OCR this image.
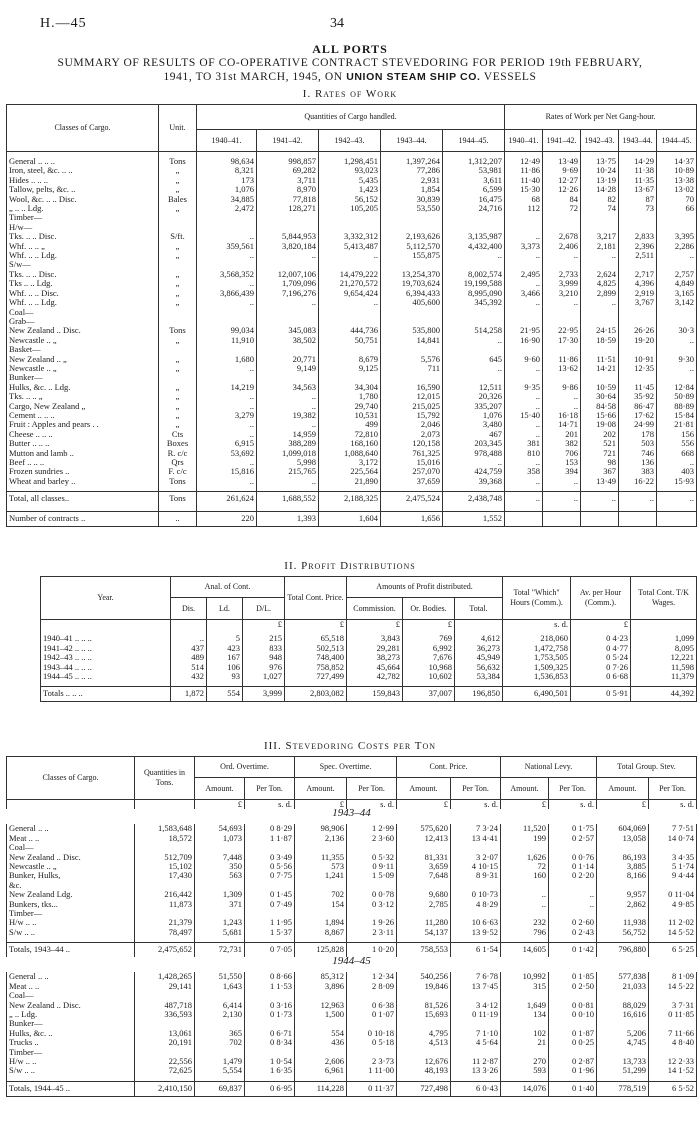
H.—45	34
ALL PORTS
SUMMARY OF RESULTS OF CO-OPERATIVE CONTRACT STEVEDORING FOR PERIOD 19th FEBRUARY,
1941, TO 31st MARCH, 1945, ON UNION STEAM SHIP CO. VESSELS
I. Rates of Work
Classes of Cargo.	Unit.	Quantities of Cargo handled.					Rates of Work per Net Gang-hour.				
		1940–41.	1941–42.	1942–43.	1943–44.	1944–45.	1940–41.	1941–42.	1942–43.	1943–44.	1944–45.

General .. .. ..	Tons	98,634	998,857	1,298,451	1,397,264	1,312,207	12·49	13·49	13·75	14·29	14·37
Iron, steel, &c. .. ..	„	8,321	69,282	93,023	77,286	53,981	11·86	9·69	10·24	11·38	10·89
Hides .. .. ..	„	173	3,711	5,435	2,931	3,611	11·40	12·27	13·19	11·35	13·38
Tallow, pelts, &c. ..	„	1,076	8,970	1,423	1,854	6,599	15·30	12·26	14·28	13·67	13·02
Wool, &c. .. .. Disc.	Bales	34,885	77,818	56,152	30,839	16,475	68	84	82	87	70
„ .. .. Ldg.	„	2,472	128,271	105,205	53,550	24,716	112	72	74	73	66
Timber—											
H/w—											
Tks. .. .. Disc.	S/ft.	..	5,844,953	3,332,312	2,193,626	3,135,987	..	2,678	3,217	2,833	3,395
Whf. .. .. „	„	359,561	3,820,184	5,413,487	5,112,570	4,432,400	3,373	2,406	2,181	2,396	2,286
Whf. .. .. Ldg.	„	..	..	..	155,875	..	..	..	..	2,511	..
S/w—											
Tks. .. .. Disc.	„	3,568,352	12,007,106	14,479,222	13,254,370	8,002,574	2,495	2,733	2,624	2,717	2,757
Tks .. .. Ldg.	„	..	1,709,096	21,270,572	19,703,624	19,199,588	..	3,999	4,825	4,396	4,849
Whf. .. .. Disc.	„	3,866,439	7,196,276	9,654,424	6,394,433	8,995,090	3,466	3,210	2,899	2,919	3,165
Whf. .. .. Ldg.	„	..	..	..	405,600	345,392	..	..	..	3,767	3,142
Coal—											
Grab—											
New Zealand .. Disc.	Tons	99,034	345,083	444,736	535,800	514,258	21·95	22·95	24·15	26·26	30·3
Newcastle .. „	„	11,910	38,502	50,751	14,841	..	16·90	17·30	18·59	19·20	..
Basket—											
New Zealand .. „	„	1,680	20,771	8,679	5,576	645	9·60	11·86	11·51	10·91	9·30
Newcastle .. „	„	..	9,149	9,125	711	..	..	13·62	14·21	12·35	..
Bunker—											
Hulks, &c. .. Ldg.	„	14,219	34,563	34,304	16,590	12,511	9·35	9·86	10·59	11·45	12·84
Tks. .. .. „	„	..	..	1,780	12,015	20,326	..	..	30·64	35·92	50·89
Cargo, New Zealand „	„	..	..	29,740	215,025	335,207	..	..	84·58	86·47	88·89
Cement .. .. ..	„	3,279	19,382	10,531	15,792	1,076	15·40	16·18	15·66	17·62	15·84
Fruit : Apples and pears . .	„	..	..	499	2,046	3,480	..	14·71	19·08	24·99	21·81
Cheese .. .. ..	Cts	..	14,959	72,810	2,073	467	..	201	202	178	156
Butter .. .. ..	Boxes	6,915	388,289	168,160	120,158	203,345	381	382	521	503	556
Mutton and lamb ..	R. c/c	53,692	1,099,018	1,088,640	761,325	978,488	810	706	721	746	668
Beef .. .. ..	Qrs	..	5,998	3,172	15,016	..	..	153	98	136	..
Frozen sundries ..	F. c/c	15,816	215,765	225,564	257,070	424,759	358	394	367	383	403
Wheat and barley ..	Tons	..	..	21,890	37,659	39,368	..	..	13·49	16·22	15·93

Total, all classes..	Tons	261,624	1,688,552	2,188,325	2,475,524	2,438,748	..	..	..	..	..

Number of contracts ..	..	220	1,393	1,604	1,656	1,552					
II. Profit Distributions
Year.	Anal. of Cont.			Total Cont. Price.	Amounts of Profit distributed.			Total "Which" Hours (Comm.).	Av. per Hour (Comm.).	Total Cont. T/K Wages.
	Dis.	Ld.	D/L.		Commission.	Or. Bodies.	Total.			
			£	£	£	£		s. d.	£	

1940–41 .. .. ..	..	5	215	65,518	3,843	769	4,612	218,060	0 4·23	1,099
1941–42 .. .. ..	437	423	833	502,513	29,281	6,992	36,273	1,472,758	0 4·77	8,095
1942–43 .. .. ..	489	167	948	748,400	38,273	7,676	45,949	1,753,505	0 5·24	12,221
1943–44 .. .. ..	514	106	976	758,852	45,664	10,968	56,632	1,509,325	0 7·26	11,598
1944–45 .. .. ..	432	93	1,027	727,499	42,782	10,602	53,384	1,536,853	0 6·68	11,379

Totals .. .. ..	1,872	554	3,999	2,803,082	159,843	37,007	196,850	6,490,501	0 5·91	44,392
III. Stevedoring Costs per Ton
Classes of Cargo.	Quantities in Tons.	Ord. Overtime.		Spec. Overtime.		Cont. Price.		National Levy.		Total Group. Stev.	
		Amount.	Per Ton.	Amount.	Per Ton.	Amount.	Per Ton.	Amount.	Per Ton.	Amount.	Per Ton.
		£	s. d.	£	s. d.	£	s. d.	£	s. d.	£	s. d.
1943–44											
General .. ..	1,583,648	54,693	0 8·29	98,906	1 2·99	575,620	7 3·24	11,520	0 1·75	604,069	7 7·51
Meat .. ..	18,572	1,073	1 1·87	2,136	2 3·60	12,413	13 4·41	199	0 2·57	13,058	14 0·74
Coal—											
New Zealand .. Disc.	512,709	7,448	0 3·49	11,355	0 5·32	81,331	3 2·07	1,626	0 0·76	86,193	3 4·35
Newcastle .. „	15,102	350	0 5·56	573	0 9·11	3,659	4 10·15	72	0 1·14	3,885	5 1·74
Bunker, Hulks,	17,430	563	0 7·75	1,241	1 5·09	7,648	8 9·31	160	0 2·20	8,166	9 4·44
&c.											
New Zealand Ldg.	216,442	1,309	0 1·45	702	0 0·78	9,680	0 10·73	..	..	9,957	0 11·04
Bunkers, tks...	11,873	371	0 7·49	154	0 3·12	2,785	4 8·29	..	..	2,862	4 9·85
Timber—											
H/w .. ..	21,379	1,243	1 1·95	1,894	1 9·26	11,280	10 6·63	232	0 2·60	11,938	11 2·02
S/w .. ..	78,497	5,681	1 5·37	8,867	2 3·11	54,137	13 9·52	796	0 2·43	56,752	14 5·52

Totals, 1943–44 ..	2,475,652	72,731	0 7·05	125,828	1 0·20	758,553	6 1·54	14,605	0 1·42	796,880	6 5·25
1944–45											
General .. ..	1,428,265	51,550	0 8·66	85,312	1 2·34	540,256	7 6·78	10,992	0 1·85	577,838	8 1·09
Meat .. ..	29,141	1,643	1 1·53	3,896	2 8·09	19,846	13 7·45	315	0 2·50	21,033	14 5·22
Coal—											
New Zealand .. Disc.	487,718	6,414	0 3·16	12,963	0 6·38	81,526	3 4·12	1,649	0 0·81	88,029	3 7·31
„ .. Ldg.	336,593	2,130	0 1·73	1,500	0 1·07	15,693	0 11·19	134	0 0·10	16,616	0 11·85
Bunker—											
Hulks, &c. ..	13,061	365	0 6·71	554	0 10·18	4,795	7 1·10	102	0 1·87	5,206	7 11·66
Trucks ..	20,191	702	0 8·34	436	0 5·18	4,513	4 5·64	21	0 0·25	4,745	4 8·40
Timber—											
H/w .. ..	22,556	1,479	1 0·54	2,606	2 3·73	12,676	11 2·87	270	0 2·87	13,733	12 2·33
S/w .. ..	72,625	5,554	1 6·35	6,961	1 11·00	48,193	13 3·26	593	0 1·96	51,299	14 1·52

Totals, 1944–45 ..	2,410,150	69,837	0 6·95	114,228	0 11·37	727,498	6 0·43	14,076	0 1·40	778,519	6 5·52
